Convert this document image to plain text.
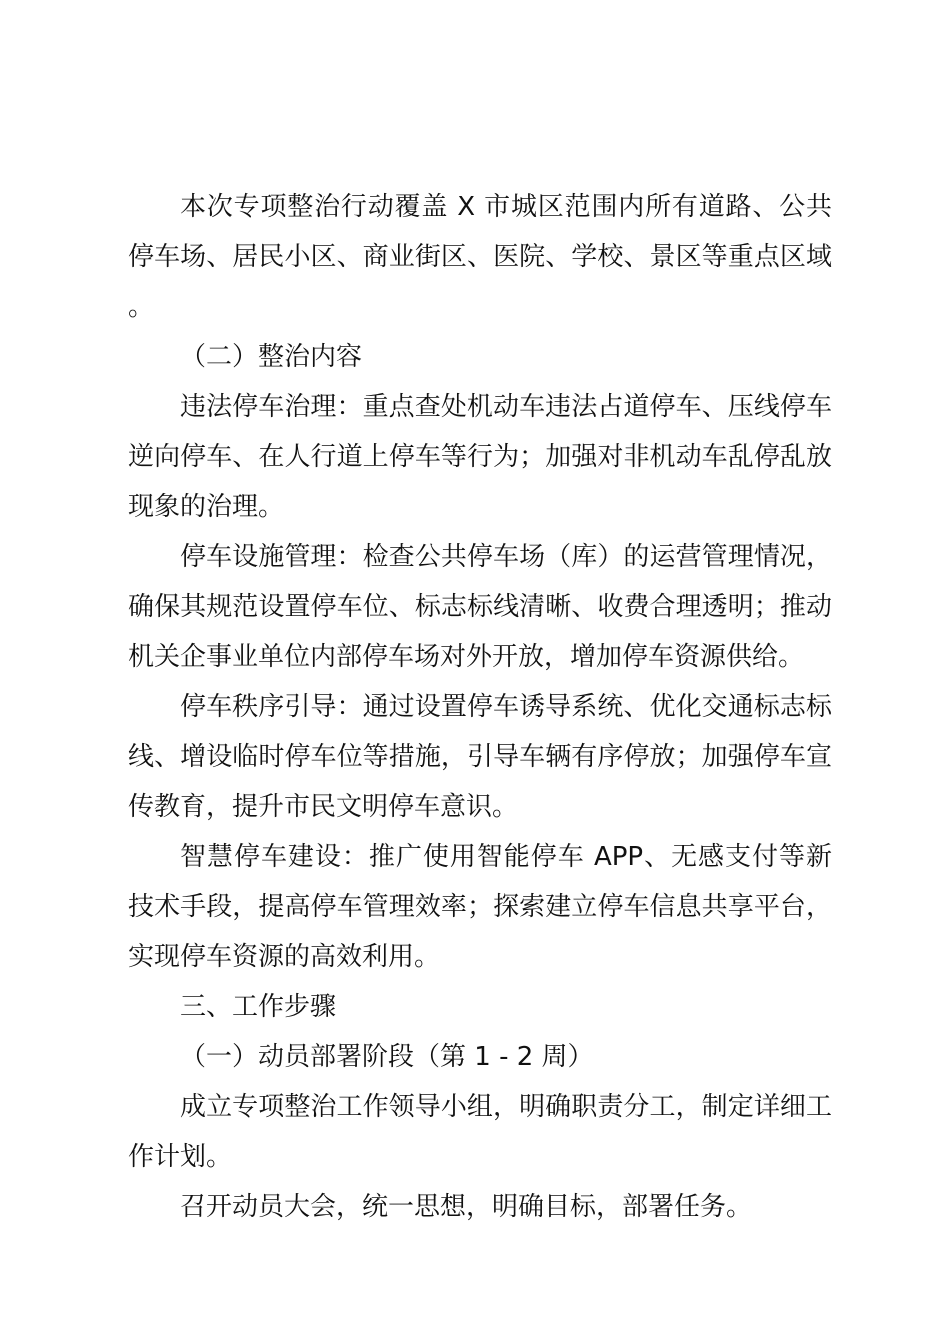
本次专项整治行动覆盖 X 市城区范围内所有道路、公共停车场、居民小区、商业街区、医院、学校、景区等重点区域。

（二）整治内容

违法停车治理：重点查处机动车违法占道停车、压线停车逆向停车、在人行道上停车等行为；加强对非机动车乱停乱放现象的治理。

停车设施管理：检查公共停车场（库）的运营管理情况，确保其规范设置停车位、标志标线清晰、收费合理透明；推动机关企事业单位内部停车场对外开放，增加停车资源供给。

停车秩序引导：通过设置停车诱导系统、优化交通标志标线、增设临时停车位等措施，引导车辆有序停放；加强停车宣传教育，提升市民文明停车意识。

智慧停车建设：推广使用智能停车 APP、无感支付等新技术手段，提高停车管理效率；探索建立停车信息共享平台，实现停车资源的高效利用。

三、工作步骤

（一）动员部署阶段（第 1 - 2 周）

成立专项整治工作领导小组，明确职责分工，制定详细工作计划。

召开动员大会，统一思想，明确目标，部署任务。
